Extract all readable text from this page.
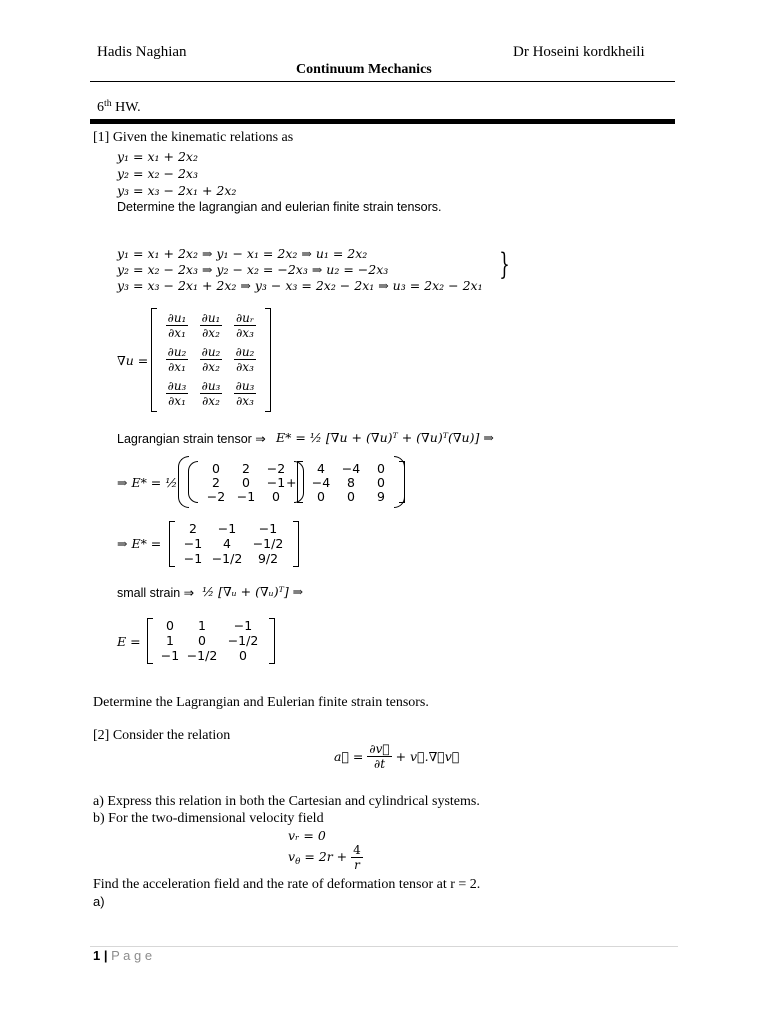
Hadis Naghian	Dr Hoseini kordkheili
Continuum Mechanics
6th HW.
[1] Given the kinematic relations as
y₁ = x₁ + 2x₂
y₂ = x₂ − 2x₃
y₃ = x₃ − 2x₁ + 2x₂
Determine the lagrangian and eulerian finite strain tensors.
y₁ = x₁ + 2x₂ ⇒ y₁ − x₁ = 2x₂ ⇒ u₁ = 2x₂
y₂ = x₂ − 2x₃ ⇒ y₂ − x₂ = −2x₃ ⇒ u₂ = −2x₃
y₃ = x₃ − 2x₁ + 2x₂ ⇒ y₃ − x₃ = 2x₂ − 2x₁ ⇒ u₃ = 2x₂ − 2x₁
}
∇u =
$\frac{\text{∂u₁}}{\text{∂x₁}} \frac{\text{∂u₁}}{\text{∂x₂}} \frac{\text{∂uᵣ}}{\text{∂x₃}}$
$\frac{\text{∂u₂}}{\text{∂x₁}} \frac{\text{∂u₂}}{\text{∂x₂}} \frac{\text{∂u₂}}{\text{∂x₃}}$
$\frac{\text{∂u₃}}{\text{∂x₁}} \frac{\text{∂u₃}}{\text{∂x₂}} \frac{\text{∂u₃}}{\text{∂x₃}}$
Lagrangian strain tensor ⇒ E* = ½ [∇u + (∇u)ᵀ + (∇u)ᵀ(∇u)] ⇒
⇒ E* = ½
0	2	−2
2	0	−1
−2 −1	0
+
4	−4	0
−4	8	0
0	0	9
⇒ E* =
2	−1	−1
−1	4	−1/2
−1 −1/2	9/2
small strain ⇒ ½ [∇ᵤ + (∇ᵤ)ᵀ] ⇒
E =
0	1	−1
1	0	−1/2
−1 −1/2	0
Determine the Lagrangian and Eulerian finite strain tensors.
[2] Consider the relation
a⃗ = $\frac{\partial v⃗}{\partial t}$ + v⃗.∇⃗v⃗
a) Express this relation in both the Cartesian and cylindrical systems.
b) For the two-dimensional velocity field
vᵣ = 0
$v_\theta = 2r + \frac{4}{r}$
Find the acceleration field and the rate of deformation tensor at r = 2.
a)
1 | P a g e
